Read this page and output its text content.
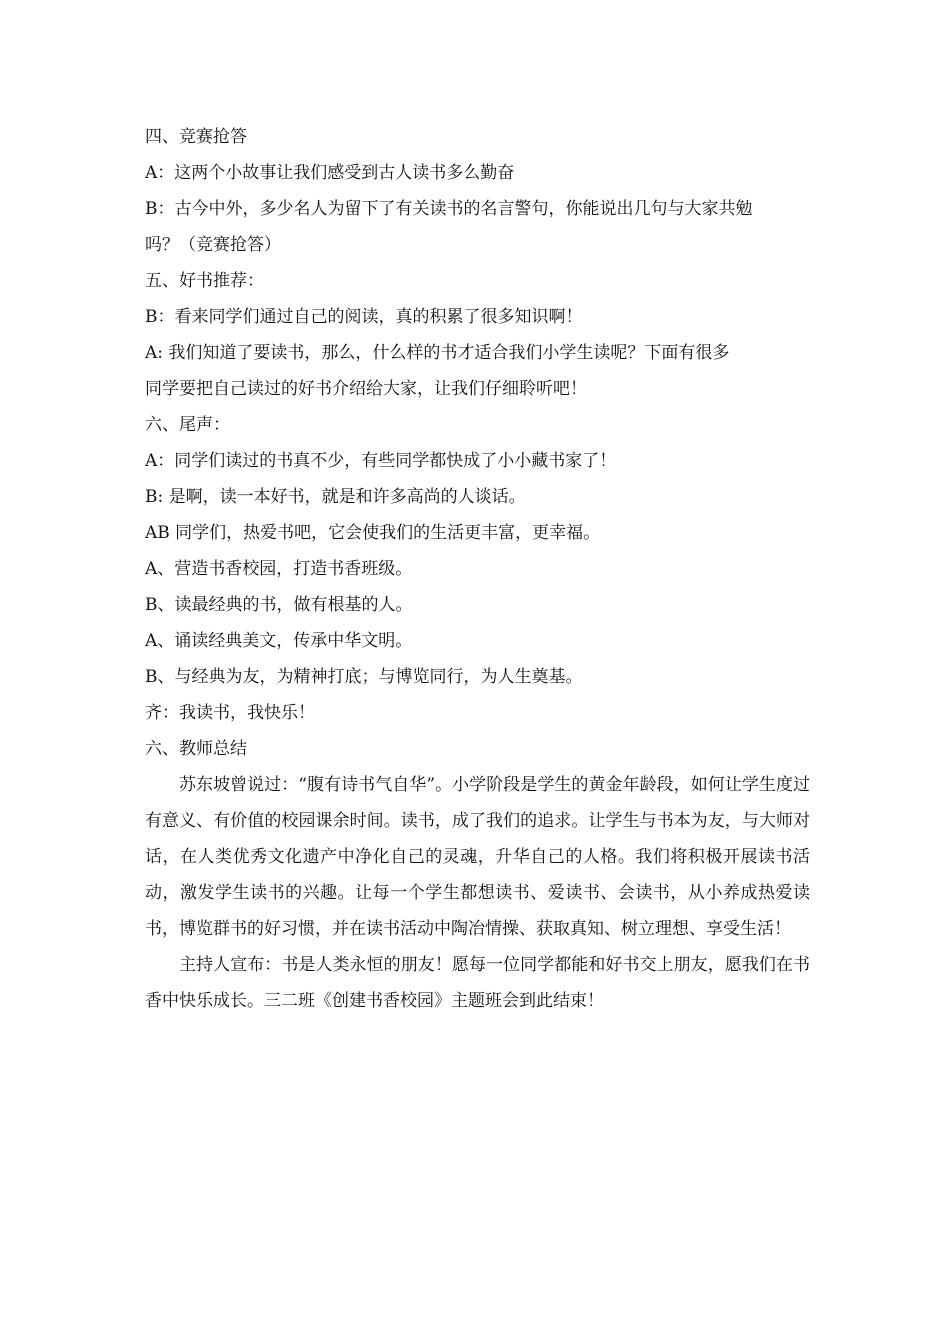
四、竞赛抢答

A：这两个小故事让我们感受到古人读书多么勤奋

B：古今中外，多少名人为留下了有关读书的名言警句，你能说出几句与大家共勉

吗？（竞赛抢答）

五、好书推荐：

B：看来同学们通过自己的阅读，真的积累了很多知识啊！

A: 我们知道了要读书，那么，什么样的书才适合我们小学生读呢？下面有很多

同学要把自己读过的好书介绍给大家，让我们仔细聆听吧！

六、尾声：

A：同学们读过的书真不少，有些同学都快成了小小藏书家了！

B: 是啊，读一本好书，就是和许多高尚的人谈话。

AB 同学们，热爱书吧，它会使我们的生活更丰富，更幸福。

A、营造书香校园，打造书香班级。

B、读最经典的书，做有根基的人。

A、诵读经典美文，传承中华文明。

B、与经典为友，为精神打底；与博览同行，为人生奠基。

齐：我读书，我快乐！

六、教师总结

苏东坡曾说过：“腹有诗书气自华”。小学阶段是学生的黄金年龄段，如何让学生度过有意义、有价值的校园课余时间。读书，成了我们的追求。让学生与书本为友，与大师对话，在人类优秀文化遗产中净化自己的灵魂，升华自己的人格。我们将积极开展读书活动，激发学生读书的兴趣。让每一个学生都想读书、爱读书、会读书，从小养成热爱读书，博览群书的好习惯，并在读书活动中陶冶情操、获取真知、树立理想、享受生活！

主持人宣布：书是人类永恒的朋友！愿每一位同学都能和好书交上朋友，愿我们在书香中快乐成长。三二班《创建书香校园》主题班会到此结束！
